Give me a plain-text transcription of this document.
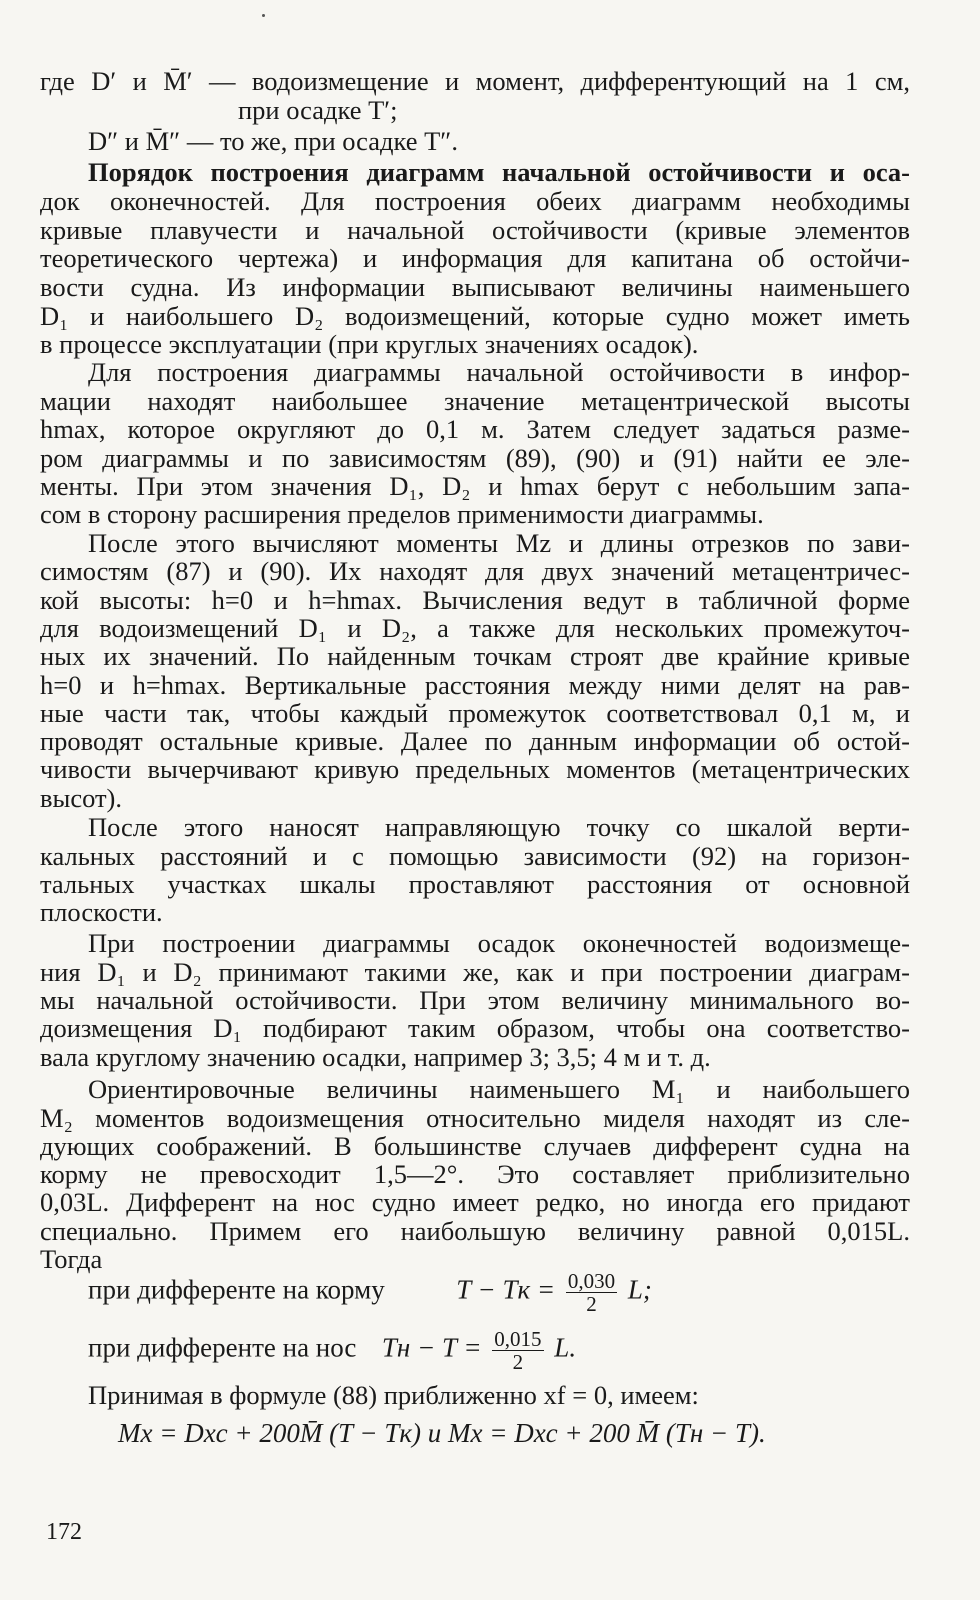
где D′ и M̄′ — водоизмещение и момент, дифферентующий на 1 см,
при осадке T′;
D″ и M̄″ — то же, при осадке T″.
Порядок построения диаграмм начальной остойчивости и оса-
док оконечностей. Для построения обеих диаграмм необходимы
кривые плавучести и начальной остойчивости (кривые элементов
теоретического чертежа) и информация для капитана об остойчи-
вости судна. Из информации выписывают величины наименьшего
D₁ и наибольшего D₂ водоизмещений, которые судно может иметь
в процессе эксплуатации (при круглых значениях осадок).
Для построения диаграммы начальной остойчивости в инфор-
мации находят наибольшее значение метацентрической высоты
hmax, которое округляют до 0,1 м. Затем следует задаться разме-
ром диаграммы и по зависимостям (89), (90) и (91) найти ее эле-
менты. При этом значения D₁, D₂ и hmax берут с небольшим запа-
сом в сторону расширения пределов применимости диаграммы.
После этого вычисляют моменты Mz и длины отрезков по зави-
симостям (87) и (90). Их находят для двух значений метацентричес-
кой высоты: h=0 и h=hmax. Вычисления ведут в табличной форме
для водоизмещений D₁ и D₂, а также для нескольких промежуточ-
ных их значений. По найденным точкам строят две крайние кривые
h=0 и h=hmax. Вертикальные расстояния между ними делят на рав-
ные части так, чтобы каждый промежуток соответствовал 0,1 м, и
проводят остальные кривые. Далее по данным информации об остой-
чивости вычерчивают кривую предельных моментов (метацентрических
высот).
После этого наносят направляющую точку со шкалой верти-
кальных расстояний и с помощью зависимости (92) на горизон-
тальных участках шкалы проставляют расстояния от основной
плоскости.
При построении диаграммы осадок оконечностей водоизмеще-
ния D₁ и D₂ принимают такими же, как и при построении диаграм-
мы начальной остойчивости. При этом величину минимального во-
доизмещения D₁ подбирают таким образом, чтобы она соответство-
вала круглому значению осадки, например 3; 3,5; 4 м и т. д.
Ориентировочные величины наименьшего M₁ и наибольшего
M₂ моментов водоизмещения относительно миделя находят из сле-
дующих соображений. В большинстве случаев дифферент судна на
корму не превосходит 1,5—2°. Это составляет приблизительно
0,03L. Дифферент на нос судно имеет редко, но иногда его придают
специально. Примем его наибольшую величину равной 0,015L.
Тогда
Принимая в формуле (88) приближенно xf = 0, имеем:
при дифференте на корму	T − Tк = $\frac{0,030}{2} L$;
при дифференте на нос Tн − $T = \frac{0,015}{2} L$.
Mx = Dxc + 200M̄ (T − Tк) и Mx = Dxc + 200 M̄ (Tн − T).
172
